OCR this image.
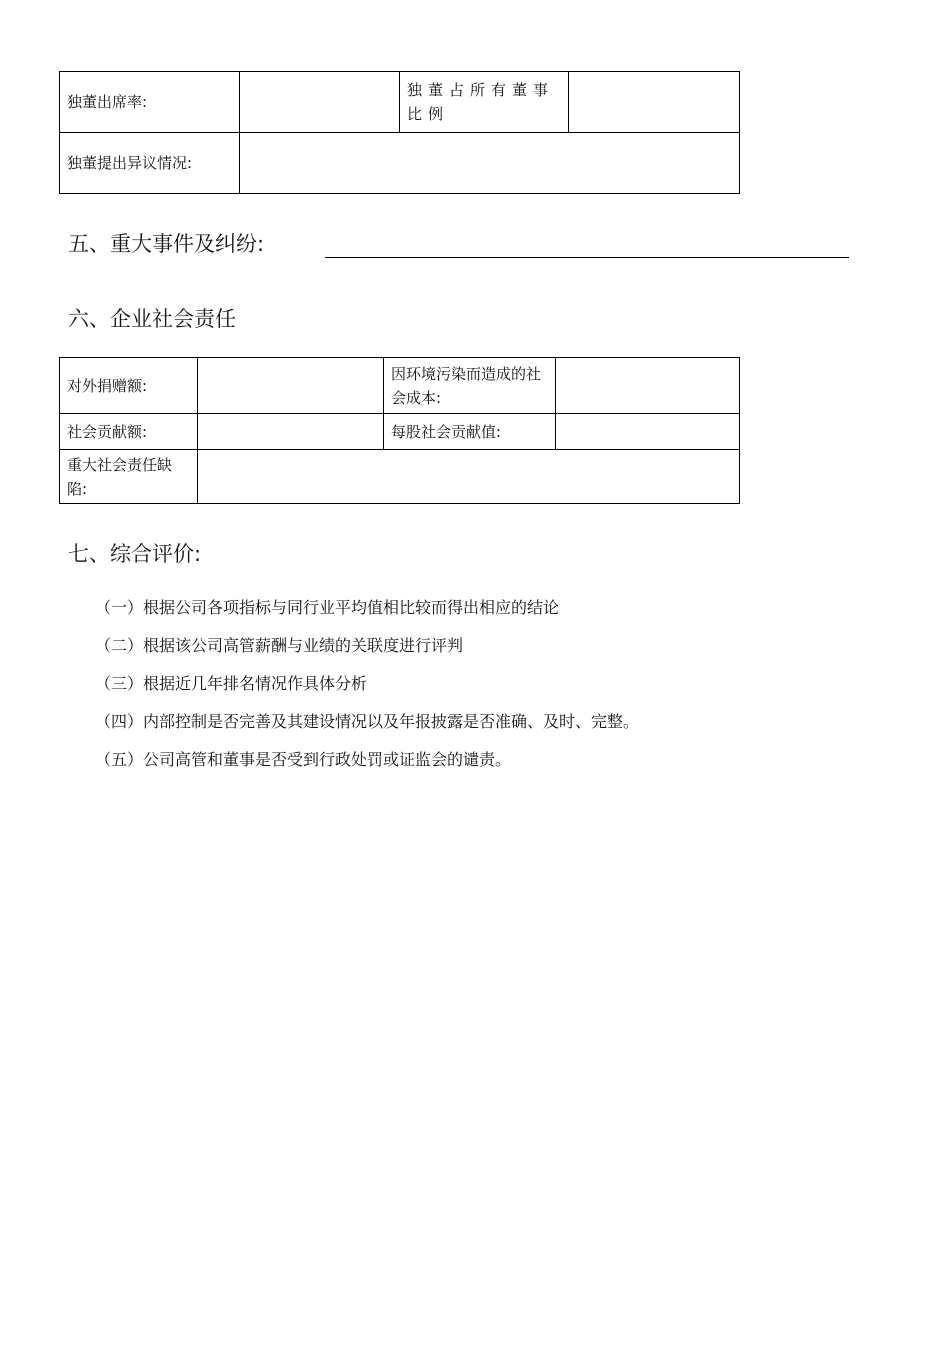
独董出席率:		独董占所有董事比例	
独董提出异议情况:			
五、重大事件及纠纷:
六、企业社会责任
对外捐赠额:		因环境污染而造成的社会成本:	
社会贡献额:		每股社会贡献值:	
重大社会责任缺陷:			
七、综合评价:
（一）根据公司各项指标与同行业平均值相比较而得出相应的结论
（二）根据该公司高管薪酬与业绩的关联度进行评判
（三）根据近几年排名情况作具体分析
（四）内部控制是否完善及其建设情况以及年报披露是否准确、及时、完整。
（五）公司高管和董事是否受到行政处罚或证监会的谴责。
